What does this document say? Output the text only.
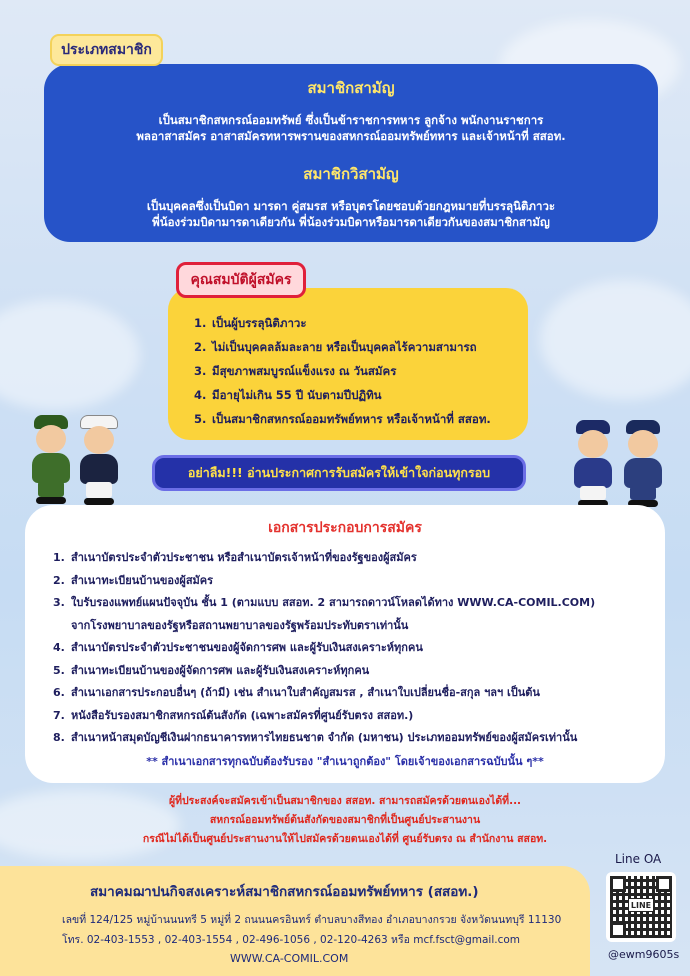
สมาชิกสามัญ

เป็นสมาชิกสหกรณ์ออมทรัพย์ ซึ่งเป็นข้าราชการทหาร ลูกจ้าง พนักงานราชการ

พลอาสาสมัคร อาสาสมัครทหารพรานของสหกรณ์ออมทรัพย์ทหาร และเจ้าหน้าที่ สสอท.

สมาชิกวิสามัญ

เป็นบุคคลซึ่งเป็นบิดา มารดา คู่สมรส หรือบุตรโดยชอบด้วยกฎหมายที่บรรลุนิติภาวะ

พี่น้องร่วมบิดามารดาเดียวกัน พี่น้องร่วมบิดาหรือมารดาเดียวกันของสมาชิกสามัญ

ประเภทสมาชิก
1. เป็นผู้บรรลุนิติภาวะ
2. ไม่เป็นบุคคลล้มละลาย หรือเป็นบุคคลไร้ความสามารถ
3. มีสุขภาพสมบูรณ์แข็งแรง ณ วันสมัคร
4. มีอายุไม่เกิน 55 ปี นับตามปีปฏิทิน
5. เป็นสมาชิกสหกรณ์ออมทรัพย์ทหาร หรือเจ้าหน้าที่ สสอท.
คุณสมบัติผู้สมัคร
อย่าลืม!!! อ่านประกาศการรับสมัครให้เข้าใจก่อนทุกรอบ
เอกสารประกอบการสมัคร
1. สำเนาบัตรประจำตัวประชาชน หรือสำเนาบัตรเจ้าหน้าที่ของรัฐของผู้สมัคร
2. สำเนาทะเบียนบ้านของผู้สมัคร
3. ใบรับรองแพทย์แผนปัจจุบัน ชั้น 1 (ตามแบบ สสอท. 2 สามารถดาวน์โหลดได้ทาง WWW.CA-COMIL.COM)
จากโรงพยาบาลของรัฐหรือสถานพยาบาลของรัฐพร้อมประทับตราเท่านั้น
4. สำเนาบัตรประจำตัวประชาชนของผู้จัดการศพ และผู้รับเงินสงเคราะห์ทุกคน
5. สำเนาทะเบียนบ้านของผู้จัดการศพ และผู้รับเงินสงเคราะห์ทุกคน
6. สำเนาเอกสารประกอบอื่นๆ (ถ้ามี) เช่น สำเนาใบสำคัญสมรส , สำเนาใบเปลี่ยนชื่อ-สกุล ฯลฯ เป็นต้น
7. หนังสือรับรองสมาชิกสหกรณ์ต้นสังกัด (เฉพาะสมัครที่ศูนย์รับตรง สสอท.)
8. สำเนาหน้าสมุดบัญชีเงินฝากธนาคารทหารไทยธนชาต จำกัด (มหาชน) ประเภทออมทรัพย์ของผู้สมัครเท่านั้น
** สำเนาเอกสารทุกฉบับต้องรับรอง "สำเนาถูกต้อง" โดยเจ้าของเอกสารฉบับนั้น ๆ**
ผู้ที่ประสงค์จะสมัครเข้าเป็นสมาชิกของ สสอท. สามารถสมัครด้วยตนเองได้ที่...
สหกรณ์ออมทรัพย์ต้นสังกัดของสมาชิกที่เป็นศูนย์ประสานงาน
กรณีไม่ได้เป็นศูนย์ประสานงานให้ไปสมัครด้วยตนเองได้ที่ ศูนย์รับตรง ณ สำนักงาน สสอท.
สมาคมฌาปนกิจสงเคราะห์สมาชิกสหกรณ์ออมทรัพย์ทหาร (สสอท.)
เลขที่ 124/125 หมู่บ้านนนทรี 5 หมู่ที่ 2 ถนนนครอินทร์ ตำบลบางสีทอง อำเภอบางกรวย จังหวัดนนทบุรี 11130
โทร. 02-403-1553 , 02-403-1554 , 02-496-1056 , 02-120-4263 หรือ mcf.fsct@gmail.com
WWW.CA-COMIL.COM
Line OA
LINE
@ewm9605s
